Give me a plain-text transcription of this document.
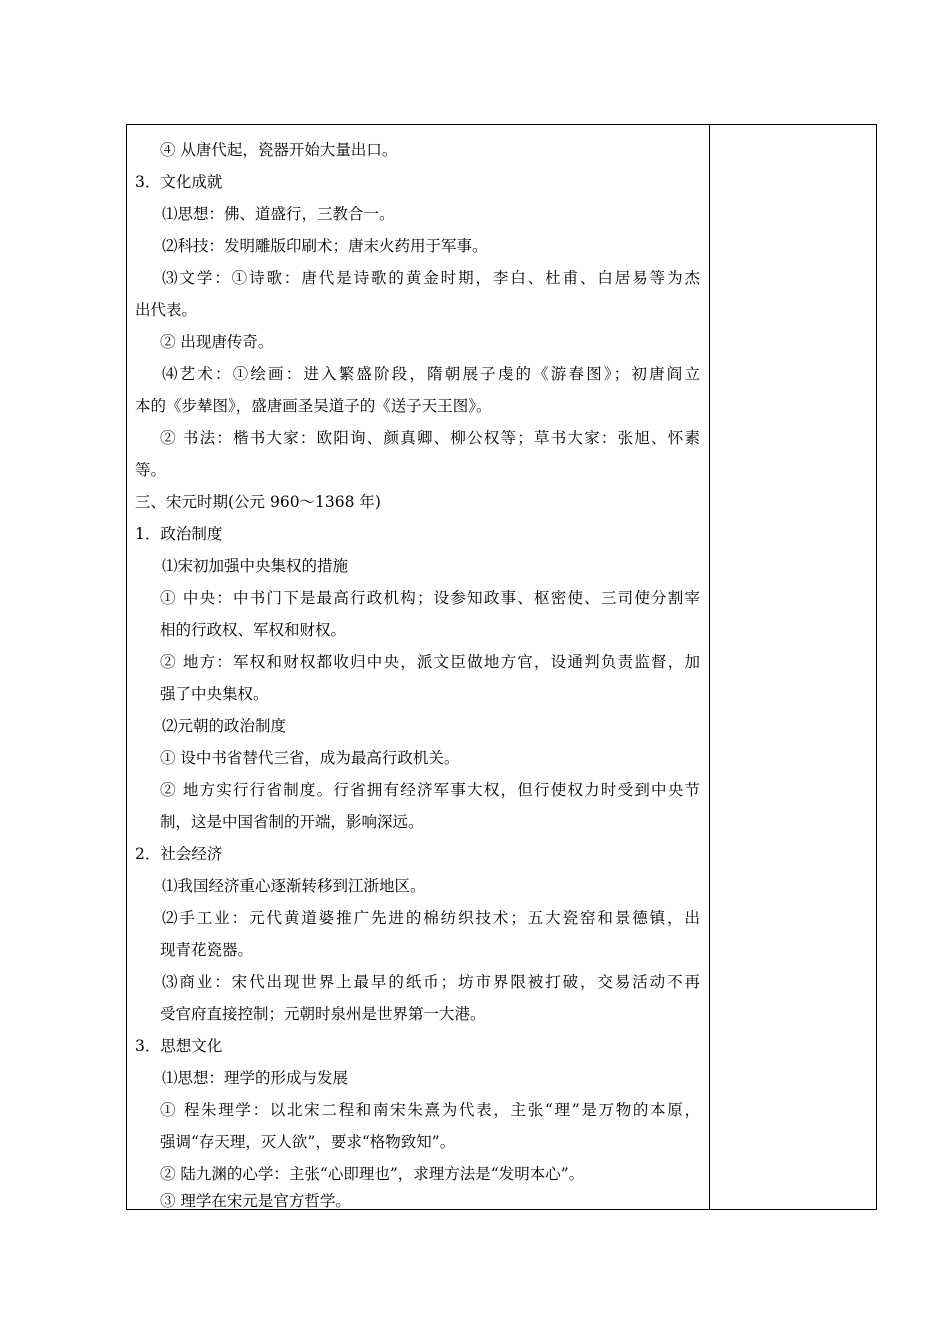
④ 从唐代起，瓷器开始大量出口。
3．文化成就
⑴思想：佛、道盛行，三教合一。
⑵科技：发明雕版印刷术；唐末火药用于军事。
⑶文学：①诗歌：唐代是诗歌的黄金时期，李白、杜甫、白居易等为杰
出代表。
② 出现唐传奇。
⑷艺术：①绘画：进入繁盛阶段，隋朝展子虔的《游春图》；初唐阎立
本的《步辇图》，盛唐画圣吴道子的《送子天王图》。
② 书法：楷书大家：欧阳询、颜真卿、柳公权等；草书大家：张旭、怀素
等。
三、宋元时期(公元 960～1368 年)
1．政治制度
⑴宋初加强中央集权的措施
① 中央：中书门下是最高行政机构；设参知政事、枢密使、三司使分割宰
相的行政权、军权和财权。
② 地方：军权和财权都收归中央，派文臣做地方官，设通判负责监督，加
强了中央集权。
⑵元朝的政治制度
① 设中书省替代三省，成为最高行政机关。
② 地方实行行省制度。行省拥有经济军事大权，但行使权力时受到中央节
制，这是中国省制的开端，影响深远。
2．社会经济
⑴我国经济重心逐渐转移到江浙地区。
⑵手工业：元代黄道婆推广先进的棉纺织技术；五大瓷窑和景德镇，出
现青花瓷器。
⑶商业：宋代出现世界上最早的纸币；坊市界限被打破，交易活动不再
受官府直接控制；元朝时泉州是世界第一大港。
3．思想文化
⑴思想：理学的形成与发展
① 程朱理学：以北宋二程和南宋朱熹为代表，主张“理”是万物的本原，
强调“存天理，灭人欲”，要求“格物致知”。
② 陆九渊的心学：主张“心即理也”，求理方法是“发明本心”。
③ 理学在宋元是官方哲学。
